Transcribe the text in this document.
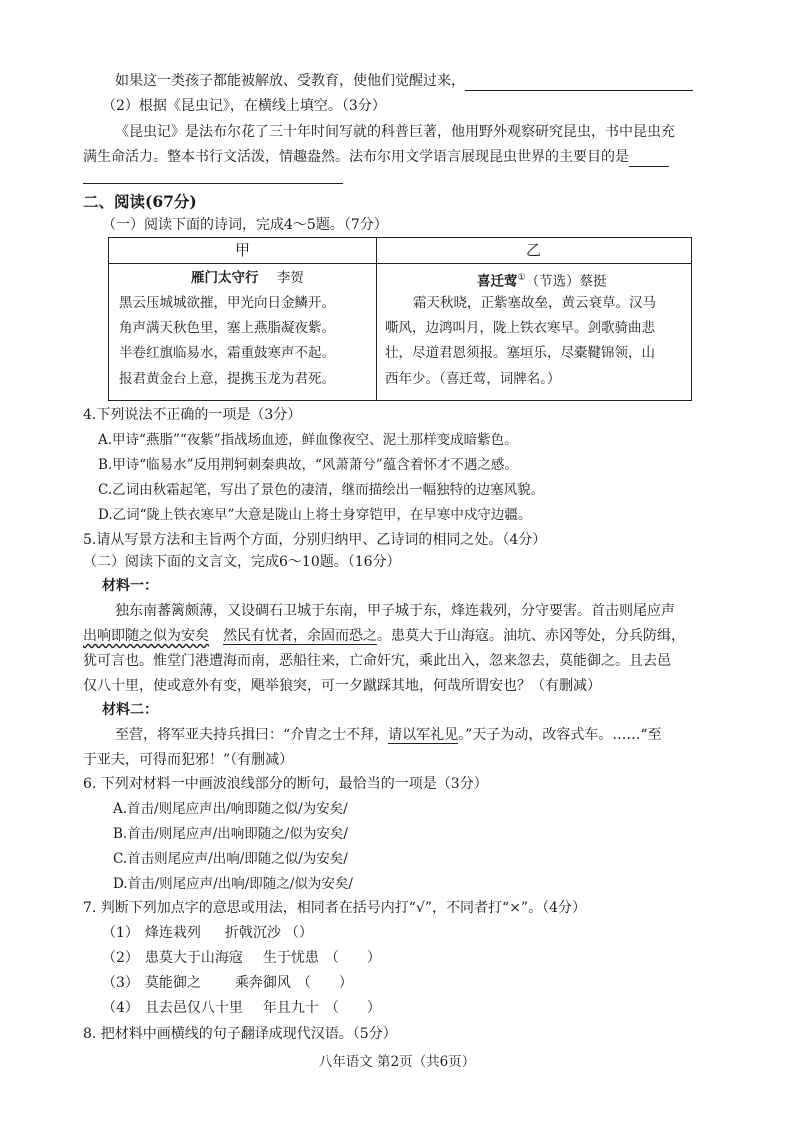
如果这一类孩子都能被解放、受教育，使他们觉醒过来，
（2）根据《昆虫记》，在横线上填空。（3分）
《昆虫记》是法布尔花了三十年时间写就的科普巨著，他用野外观察研究昆虫，书中昆虫充
满生命活力。整本书行文活泼，情趣盎然。法布尔用文学语言展现昆虫世界的主要目的是
二、阅读(67分)
（一）阅读下面的诗词，完成4～5题。（7分）
甲	乙
雁门太守行 李贺
黑云压城城欲摧，甲光向日金鳞开。
角声满天秋色里，塞上燕脂凝夜紫。
半卷红旗临易水，霜重鼓寒声不起。
报君黄金台上意，提携玉龙为君死。
喜迁莺①（节选）蔡挺
霜天秋晓，正紫塞故垒，黄云衰草。汉马
嘶风，边鸿叫月，陇上铁衣寒早。剑歌骑曲悲
壮，尽道君恩须报。塞垣乐，尽橐鞬锦领，山
西年少。（喜迁莺，词牌名。）
4.下列说法不正确的一项是（3分）
A.甲诗“燕脂”“夜紫”指战场血迹，鲜血像夜空、泥土那样变成暗紫色。
B.甲诗“临易水”反用荆轲刺秦典故，“风萧萧兮”蕴含着怀才不遇之感。
C.乙词由秋霜起笔，写出了景色的凄清，继而描绘出一幅独特的边塞风貌。
D.乙词“陇上铁衣寒早”大意是陇山上将士身穿铠甲，在早寒中戍守边疆。
5.请从写景方法和主旨两个方面，分别归纳甲、乙诗词的相同之处。（4分）
（二）阅读下面的文言文，完成6～10题。（16分）
材料一：
独东南蕃篱颇薄，又设碉石卫城于东南，甲子城于东，烽连栽列，分守要害。首击则尾应声
出响即随之似为安矣 然民有忧者，余固而恐之。患莫大于山海寇。油坑、赤冈等处，分兵防缉，
犹可言也。惟堂门港遭海而南，恶船往来，亡命奸宄，乘此出入，忽来忽去，莫能御之。且去邑
仅八十里，使或意外有变，飓举狼突，可一夕蹴踩其地，何哉所谓安也？（有删减）
材料二：
至营，将军亚夫持兵揖曰：“介胄之士不拜，请以军礼见。”天子为动，改容式车。……“至
于亚夫，可得而犯邪！”（有删减）
6. 下列对材料一中画波浪线部分的断句，最恰当的一项是（3分）
A.首击/则尾应声出/响即随之似/为安矣/
B.首击/则尾应声/出响即随之/似为安矣/
C.首击则尾应声/出响/即随之似/为安矣/
D.首击/则尾应声/出响/即随之/似为安矣/
7. 判断下列加点字的意思或用法，相同者在括号内打“√”，不同者打“×”。（4分）
（1） 烽连栽列 折戟沉沙 （）
（2） 患莫大于山海寇 生于忧患 （　　）
（3） 莫能御之 乘奔御风 （　　）
（4） 且去邑仅八十里 年且九十 （　　）
8. 把材料中画横线的句子翻译成现代汉语。（5分）
八年语文 第2页（共6页）
